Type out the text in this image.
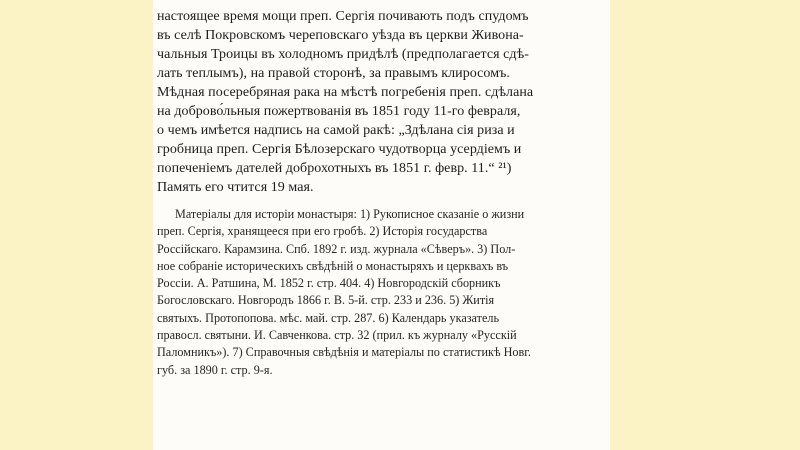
настоящее время мощи преп. Сергія почивають подъ спудомъ
въ селѣ Покровскомъ череповскаго уѣзда въ церкви Живона-
чальныя Троицы въ холодномъ придѣлѣ (предполагается сдѣ-
лать теплымъ), на правой сторонѣ, за правымъ клиросомъ.
Мѣдная посеребряная рака на мѣстѣ погребенія преп. сдѣлана
на доброво́льныя пожертвованія въ 1851 году 11-го февраля,
о чемъ имѣется надпись на самой ракѣ: „Здѣлана сія риза и
гробница преп. Сергія Бѣлозерскаго чудотворца усердіемъ и
попеченіемъ дателей доброхотныхъ въ 1851 г. февр. 11.“ ²¹)
Память его чтится 19 мая.
Матеріалы для исторіи монастыря: 1) Рукописное сказаніе о жизни
преп. Сергія, хранящееся при его гробѣ. 2) Исторія государства
Россійскаго. Карамзина. Спб. 1892 г. изд. журнала «Сѣверъ». 3) Пол-
ное собраніе историческихъ свѣдѣній о монастыряхъ и церквахъ въ
Россіи. А. Ратшина, М. 1852 г. стр. 404. 4) Новгородскій сборникъ
Богословскаго. Новгородъ 1866 г. В. 5-й. стр. 233 и 236. 5) Житія
святыхъ. Протопопова. мѣс. май. стр. 287. 6) Календарь указатель
правосл. святыни. И. Савченкова. стр. 32 (прил. къ журналу «Русскій
Паломникъ»). 7) Справочныя свѣдѣнія и матеріалы по статистикѣ Новг.
губ. за 1890 г. стр. 9-я.
